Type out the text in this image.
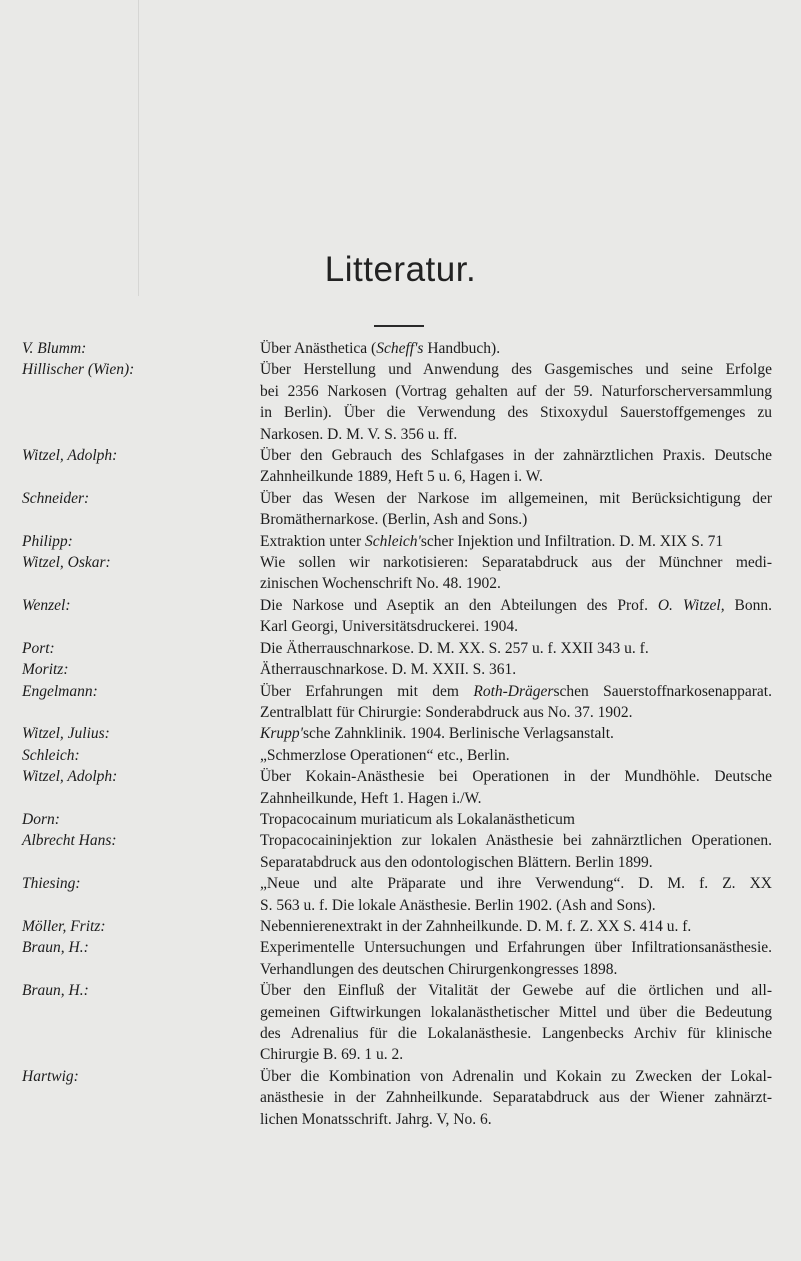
Litteratur.
V. Blumm:	Über Anästhetica (Scheff's Handbuch).
Hillischer (Wien):	Über Herstellung und Anwendung des Gasgemisches und seine Erfolge
bei 2356 Narkosen (Vortrag gehalten auf der 59. Naturforscherversammlung
in Berlin). Über die Verwendung des Stixoxydul Sauerstoffgemenges zu
Narkosen. D. M. V. S. 356 u. ff.
Witzel, Adolph:	Über den Gebrauch des Schlafgases in der zahnärztlichen Praxis. Deutsche
Zahnheilkunde 1889, Heft 5 u. 6, Hagen i. W.
Schneider:	Über das Wesen der Narkose im allgemeinen, mit Berücksichtigung der
Bromäthernarkose. (Berlin, Ash and Sons.)
Philipp:	Extraktion unter Schleich'scher Injektion und Infiltration. D. M. XIX S. 71
Witzel, Oskar:	Wie sollen wir narkotisieren: Separatabdruck aus der Münchner medi-
zinischen Wochenschrift No. 48. 1902.
Wenzel:	Die Narkose und Aseptik an den Abteilungen des Prof. O. Witzel, Bonn.
Karl Georgi, Universitätsdruckerei. 1904.
Port:	Die Ätherrauschnarkose. D. M. XX. S. 257 u. f. XXII 343 u. f.
Moritz:	Ätherrauschnarkose. D. M. XXII. S. 361.
Engelmann:	Über Erfahrungen mit dem Roth-Drägerschen Sauerstoffnarkosenapparat.
Zentralblatt für Chirurgie: Sonderabdruck aus No. 37. 1902.
Witzel, Julius:	Krupp'sche Zahnklinik. 1904. Berlinische Verlagsanstalt.
Schleich:	„Schmerzlose Operationen“ etc., Berlin.
Witzel, Adolph:	Über Kokain-Anästhesie bei Operationen in der Mundhöhle. Deutsche
Zahnheilkunde, Heft 1. Hagen i./W.
Dorn:	Tropacocainum muriaticum als Lokalanästheticum
Albrecht Hans:	Tropacocaininjektion zur lokalen Anästhesie bei zahnärztlichen Operationen.
Separatabdruck aus den odontologischen Blättern. Berlin 1899.
Thiesing:	„Neue und alte Präparate und ihre Verwendung“. D. M. f. Z. XX
S. 563 u. f. Die lokale Anästhesie. Berlin 1902. (Ash and Sons).
Möller, Fritz:	Nebennierenextrakt in der Zahnheilkunde. D. M. f. Z. XX S. 414 u. f.
Braun, H.:	Experimentelle Untersuchungen und Erfahrungen über Infiltrationsanästhesie.
Verhandlungen des deutschen Chirurgenkongresses 1898.
Braun, H.:	Über den Einfluß der Vitalität der Gewebe auf die örtlichen und all-
gemeinen Giftwirkungen lokalanästhetischer Mittel und über die Bedeutung
des Adrenalius für die Lokalanästhesie. Langenbecks Archiv für klinische
Chirurgie B. 69. 1 u. 2.
Hartwig:	Über die Kombination von Adrenalin und Kokain zu Zwecken der Lokal-
anästhesie in der Zahnheilkunde. Separatabdruck aus der Wiener zahnärzt-
lichen Monatsschrift. Jahrg. V, No. 6.
